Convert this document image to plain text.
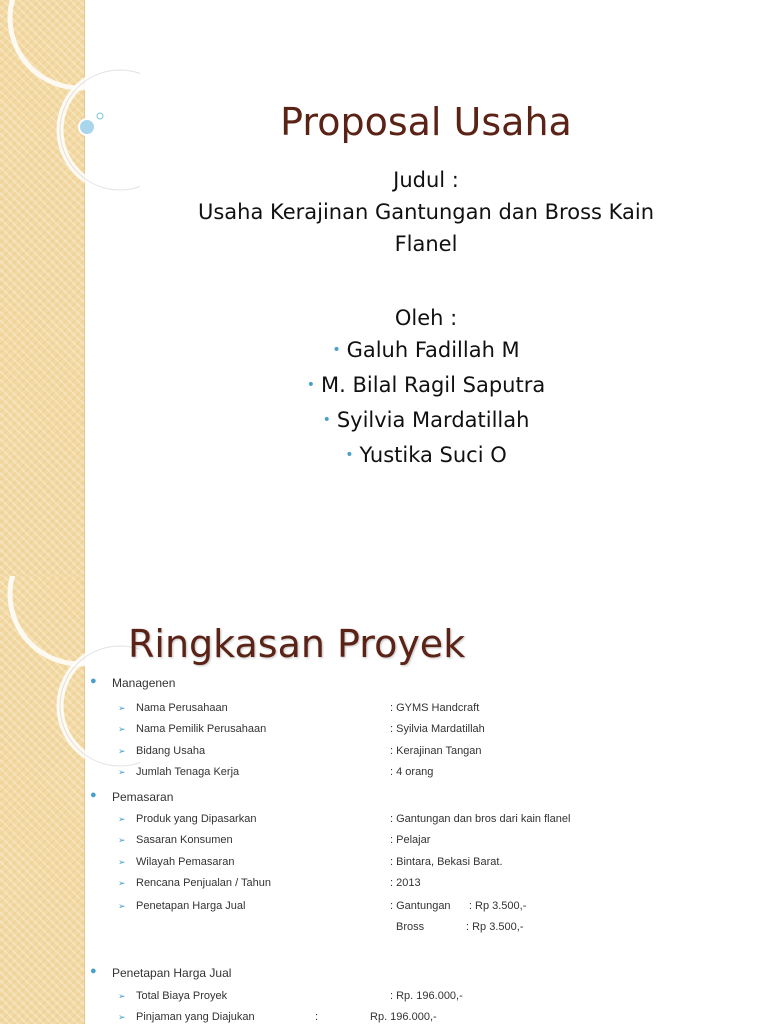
Proposal Usaha

Judul :

Usaha Kerajinan Gantungan dan Bross Kain

Flanel

Oleh :

• Galuh Fadillah M

• M. Bilal Ragil Saputra

• Syilvia Mardatillah

• Yustika Suci O

Ringkasan Proyek
● Managenen
➢ Nama Perusahaan	: GYMS Handcraft
➢ Nama Pemilik Perusahaan	: Syilvia Mardatillah
➢ Bidang Usaha	: Kerajinan Tangan
➢ Jumlah Tenaga Kerja	: 4 orang
● Pemasaran
➢ Produk yang Dipasarkan	: Gantungan dan bros dari kain flanel
➢ Sasaran Konsumen	: Pelajar
➢ Wilayah Pemasaran	: Bintara, Bekasi Barat.
➢ Rencana Penjualan / Tahun	: 2013
➢ Penetapan Harga Jual	: Gantungan      : Rp 3.500,-
Bross	: Rp 3.500,-
● Penetapan Harga Jual
➢ Total Biaya Proyek	: Rp. 196.000,-
➢ Pinjaman yang Diajukan	:                 Rp. 196.000,-
